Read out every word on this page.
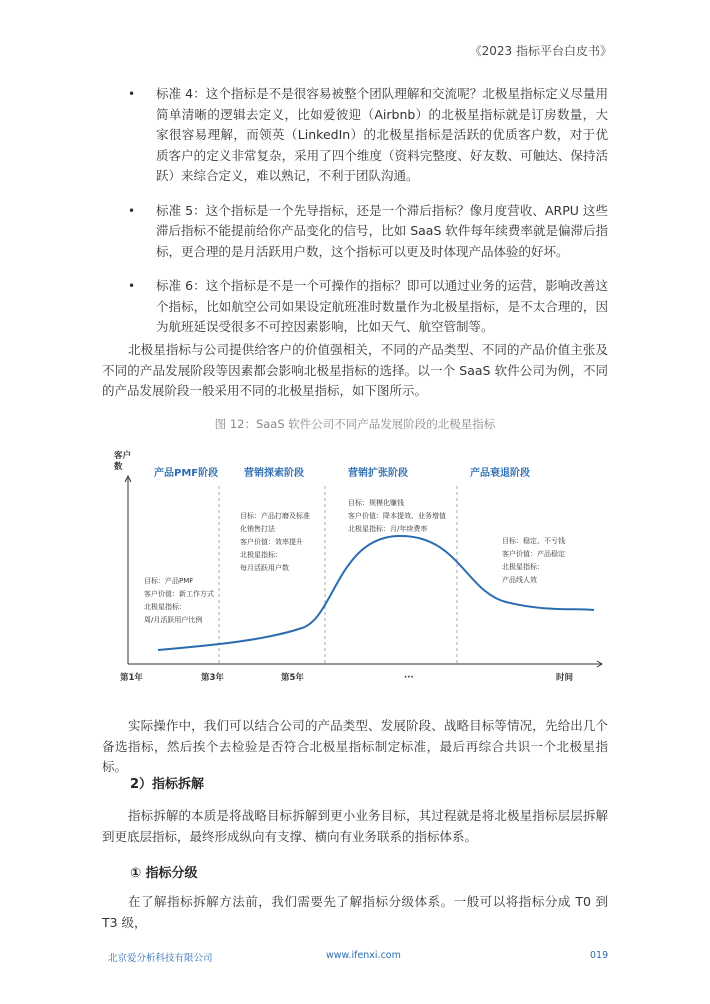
《2023 指标平台白皮书》
• 标准 4：这个指标是不是很容易被整个团队理解和交流呢？北极星指标定义尽量用简单清晰的逻辑去定义，比如爱彼迎（Airbnb）的北极星指标就是订房数量，大家很容易理解，而领英（LinkedIn）的北极星指标是活跃的优质客户数，对于优质客户的定义非常复杂，采用了四个维度（资料完整度、好友数、可触达、保持活跃）来综合定义，难以熟记，不利于团队沟通。
• 标准 5：这个指标是一个先导指标，还是一个滞后指标？像月度营收、ARPU 这些滞后指标不能提前给你产品变化的信号，比如 SaaS 软件每年续费率就是偏滞后指标，更合理的是月活跃用户数，这个指标可以更及时体现产品体验的好坏。
• 标准 6：这个指标是不是一个可操作的指标？即可以通过业务的运营，影响改善这个指标，比如航空公司如果设定航班准时数量作为北极星指标，是不太合理的，因为航班延误受很多不可控因素影响，比如天气、航空管制等。

北极星指标与公司提供给客户的价值强相关，不同的产品类型、不同的产品价值主张及不同的产品发展阶段等因素都会影响北极星指标的选择。以一个 SaaS 软件公司为例，不同的产品发展阶段一般采用不同的北极星指标，如下图所示。

图 12：SaaS 软件公司不同产品发展阶段的北极星指标
客户
数
产品PMF阶段
目标：产品PMF
客户价值：新工作方式
北极星指标：
周/月活跃用户比例
营销探索阶段
目标：产品打磨及标准
化销售打法
客户价值：效率提升
北极星指标：
每月活跃用户数
营销扩张阶段
目标：规模化赚钱
客户价值：降本提效、业务增值
北极星指标：月/年续费率
产品衰退阶段
目标：稳定、不亏钱
客户价值：产品稳定
北极星指标：
产品线人效
第1年	第3年	第5年	···	时间

实际操作中，我们可以结合公司的产品类型、发展阶段、战略目标等情况，先给出几个备选指标，然后挨个去检验是否符合北极星指标制定标准，最后再综合共识一个北极星指标。

2）指标拆解

指标拆解的本质是将战略目标拆解到更小业务目标，其过程就是将北极星指标层层拆解到更底层指标，最终形成纵向有支撑、横向有业务联系的指标体系。

① 指标分级

在了解指标拆解方法前，我们需要先了解指标分级体系。一般可以将指标分成 T0 到 T3 级，

北京爱分析科技有限公司	www.ifenxi.com	019
